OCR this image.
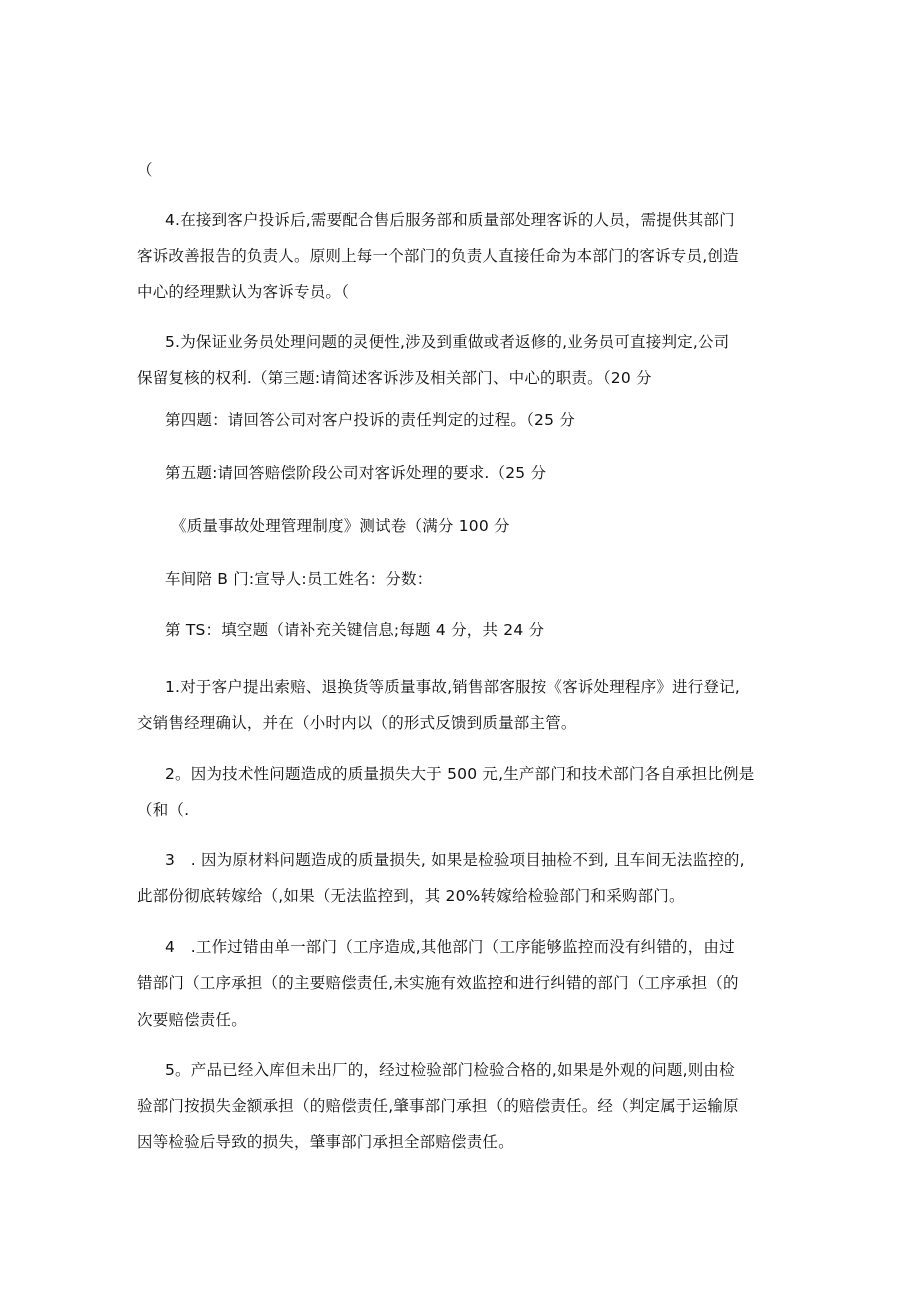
（
4.在接到客户投诉后,需要配合售后服务部和质量部处理客诉的人员，需提供其部门
客诉改善报告的负责人。原则上每一个部门的负责人直接任命为本部门的客诉专员,创造
中心的经理默认为客诉专员。（
5.为保证业务员处理问题的灵便性,涉及到重做或者返修的,业务员可直接判定,公司
保留复核的权利.（第三题:请简述客诉涉及相关部门、中心的职责。（20 分
第四题：请回答公司对客户投诉的责任判定的过程。（25 分
第五题:请回答赔偿阶段公司对客诉处理的要求.（25 分
《质量事故处理管理制度》测试卷（满分 100 分
车间陪 B 门:宣导人:员工姓名：分数：
第 TS：填空题（请补充关键信息;每题 4 分，共 24 分
1.对于客户提出索赔、退换货等质量事故,销售部客服按《客诉处理程序》进行登记,
交销售经理确认，并在（小时内以（的形式反馈到质量部主管。
2。因为技术性问题造成的质量损失大于 500 元,生产部门和技术部门各自承担比例是
（和（.
3　. 因为原材料问题造成的质量损失, 如果是检验项目抽检不到, 且车间无法监控的,
此部份彻底转嫁给（,如果（无法监控到，其 20%转嫁给检验部门和采购部门。
4　.工作过错由单一部门（工序造成,其他部门（工序能够监控而没有纠错的，由过
错部门（工序承担（的主要赔偿责任,未实施有效监控和进行纠错的部门（工序承担（的
次要赔偿责任。
5。产品已经入库但未出厂的，经过检验部门检验合格的,如果是外观的问题,则由检
验部门按损失金额承担（的赔偿责任,肇事部门承担（的赔偿责任。经（判定属于运输原
因等检验后导致的损失，肇事部门承担全部赔偿责任。
